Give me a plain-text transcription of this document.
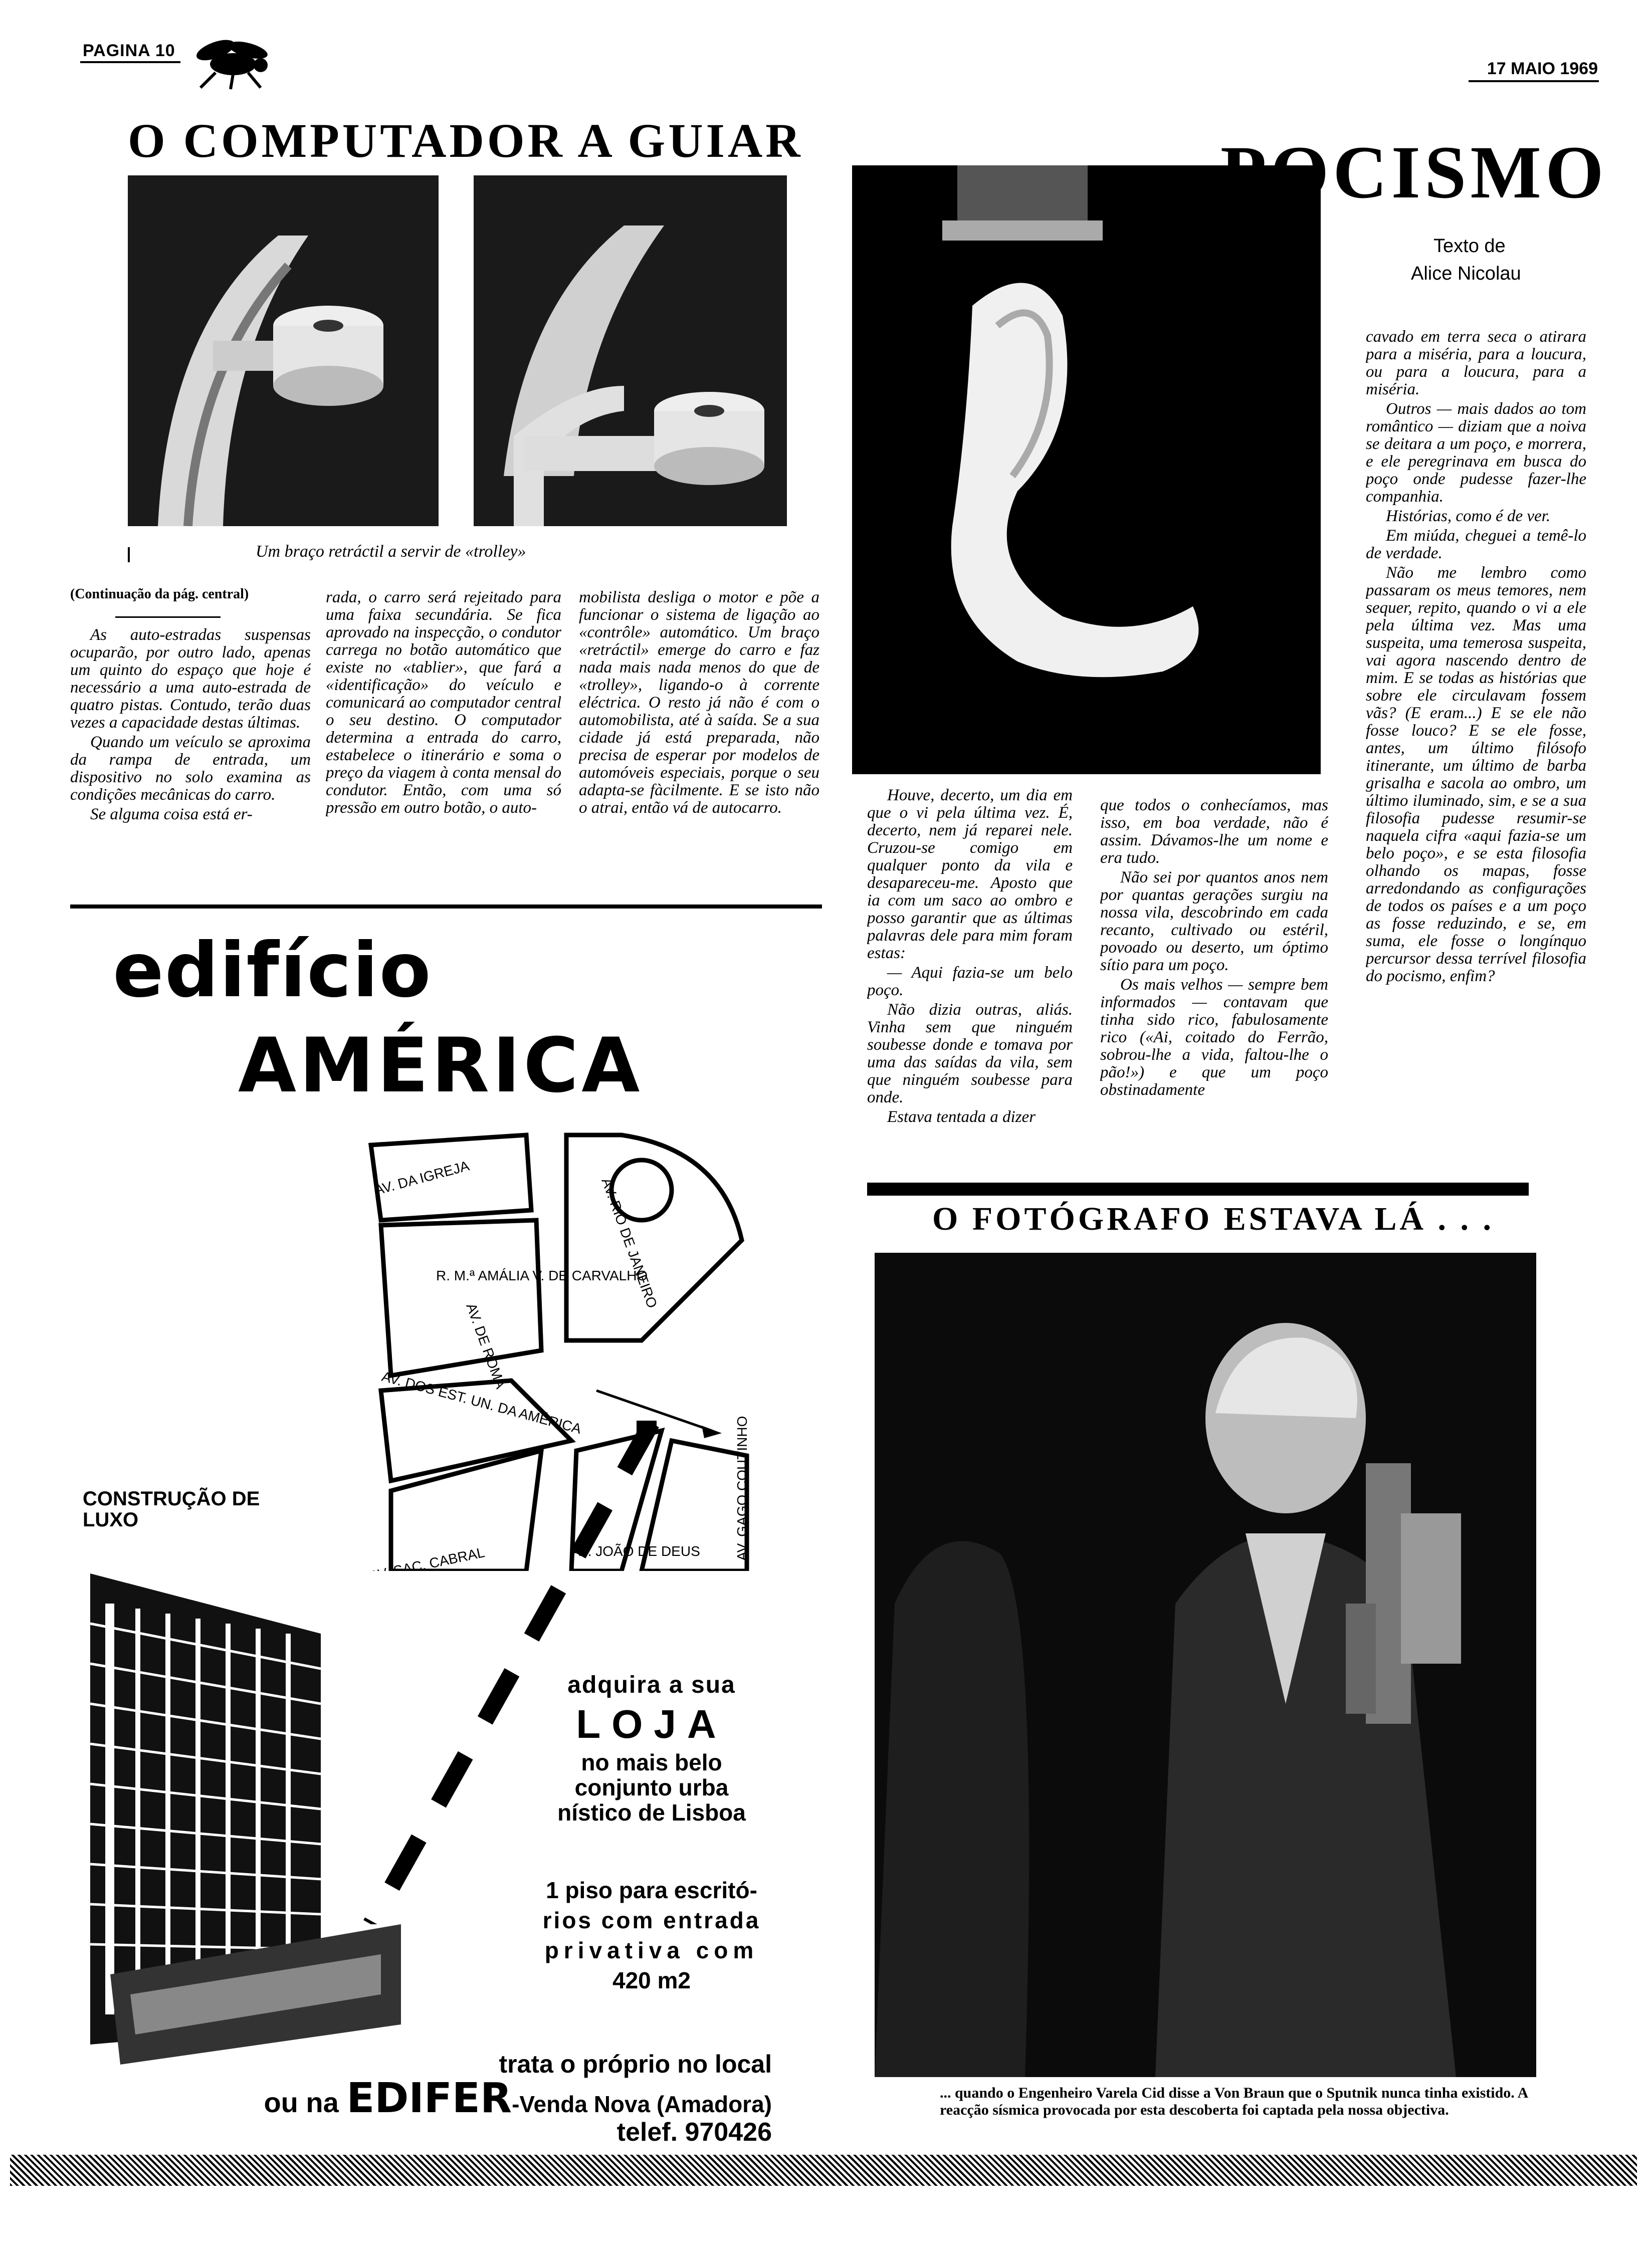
PAGINA 10
17 MAIO 1969
O COMPUTADOR A GUIAR
Um braço retráctil a servir de «trolley»
(Continuação da pág. central)

As auto-estradas suspensas ocuparão, por outro lado, apenas um quinto do espaço que hoje é necessário a uma auto-estrada de quatro pistas. Contudo, terão duas vezes a capacidade destas últimas.

Quando um veículo se aproxima da rampa de entrada, um dispositivo no solo examina as condições mecânicas do carro.

Se alguma coisa está er-

rada, o carro será rejeitado para uma faixa secundária. Se fica aprovado na inspecção, o condutor carrega no botão automático que existe no «tablier», que fará a «identificação» do veículo e comunicará ao computador central o seu destino. O computador determina a entrada do carro, estabelece o itinerário e soma o preço da viagem à conta mensal do condutor. Então, com uma só pressão em outro botão, o auto-

mobilista desliga o motor e põe a funcionar o sistema de ligação ao «contrôle» automático. Um braço «retráctil» emerge do carro e faz nada mais nada menos do que de «trolley», ligando-o à corrente eléctrica. O resto já não é com o automobilista, até à saída. Se a sua cidade já está preparada, não precisa de esperar por modelos de automóveis especiais, porque o seu adapta-se fàcilmente. E se isto não o atrai, então vá de autocarro.

edifício
AMÉRICA
AV. DA IGREJA
R. M.ª AMÁLIA V. DE CARVALHO
AV. RIO DE JANEIRO
AV. DE ROMA
AV. DOS EST. UN. DA AMÉRICA
AV. JOÃO DE DEUS
AV. SAC. CABRAL
AV. GAGO COUTINHO
CONSTRUÇÃO DE LUXO
adquira a sua
LOJA
no mais belo
conjunto urba
nístico de Lisboa
1 piso para escritó-
rios com entrada
privativa com
420 m2
trata o próprio no local
ou na EDIFER-Venda Nova (Amadora)
telef. 970426
POCISMO
Texto de
Alice Nicolau

Houve, decerto, um dia em que o vi pela última vez. É, decerto, nem já reparei nele. Cruzou-se comigo em qualquer ponto da vila e desapareceu-me. Aposto que ia com um saco ao ombro e posso garantir que as últimas palavras dele para mim foram estas:

— Aqui fazia-se um belo poço.

Não dizia outras, aliás. Vinha sem que ninguém soubesse donde e tomava por uma das saídas da vila, sem que ninguém soubesse para onde.

Estava tentada a dizer

que todos o conhecíamos, mas isso, em boa verdade, não é assim. Dávamos-lhe um nome e era tudo.

Não sei por quantos anos nem por quantas gerações surgiu na nossa vila, descobrindo em cada recanto, cultivado ou estéril, povoado ou deserto, um óptimo sítio para um poço.

Os mais velhos — sempre bem informados — contavam que tinha sido rico, fabulosamente rico («Ai, coitado do Ferrão, sobrou-lhe a vida, faltou-lhe o pão!») e que um poço obstinadamente

cavado em terra seca o atirara para a miséria, para a loucura, ou para a loucura, para a miséria.

Outros — mais dados ao tom romântico — diziam que a noiva se deitara a um poço, e morrera, e ele peregrinava em busca do poço onde pudesse fazer-lhe companhia.

Histórias, como é de ver.

Em miúda, cheguei a temê-lo de verdade.

Não me lembro como passaram os meus temores, nem sequer, repito, quando o vi a ele pela última vez. Mas uma suspeita, uma temerosa suspeita, vai agora nascendo dentro de mim. E se todas as histórias que sobre ele circulavam fossem vãs? (E eram...) E se ele não fosse louco? E se ele fosse, antes, um último filósofo itinerante, um último de barba grisalha e sacola ao ombro, um último iluminado, sim, e se a sua filosofia pudesse resumir-se naquela cifra «aqui fazia-se um belo poço», e se esta filosofia olhando os mapas, fosse arredondando as configurações de todos os países e a um poço as fosse reduzindo, e se, em suma, ele fosse o longínquo percursor dessa terrível filosofia do pocismo, enfim?

O FOTÓGRAFO ESTAVA LÁ . . .
... quando o Engenheiro Varela Cid disse a Von Braun que o Sputnik nunca tinha existido. A reacção sísmica provocada por esta descoberta foi captada pela nossa objectiva.
